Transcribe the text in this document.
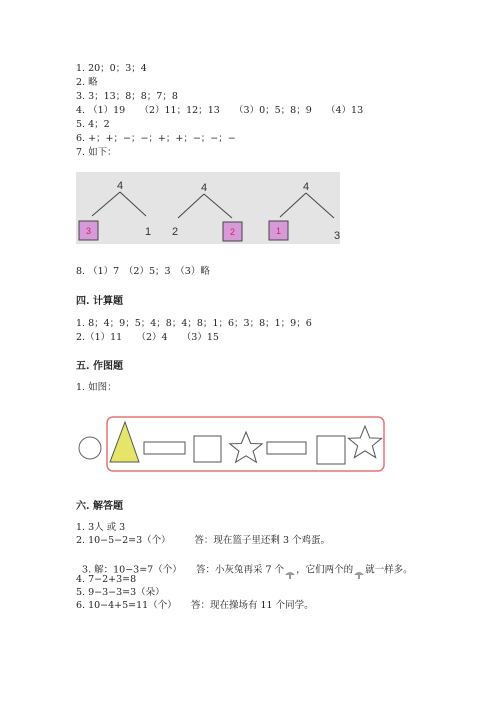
1. 20；0；3；4
2. 略
3. 3；13；8；8；7；8
4. （1）19　　（2）11；12；13　　（3）0；5；8；9　　（4）13
5. 4；2
6. +；+；−；−；+；+；−；−；−
7. 如下：
4
3	1
4
2	2
4
1	3
8. （1）7　（2）5；3　（3）略
四. 计算题
1. 8；4；9；5；4；8；4；8；1；6；3；8；1；9；6
2.（1）11　　（2）4　　（3）15
五. 作图题
1. 如图：
六. 解答题
1. 3人 或 3
2. 10−5−2=3（个）　　　答：现在篮子里还剩 3 个鸡蛋。

3. 解：10−3=7（个）　　答：小灰兔再采 7 个 ，它们两个的 就一样多。

4. 7−2+3=8
5. 9−3−3=3（朵）
6. 10−4+5=11（个）　　答：现在操场有 11 个同学。
